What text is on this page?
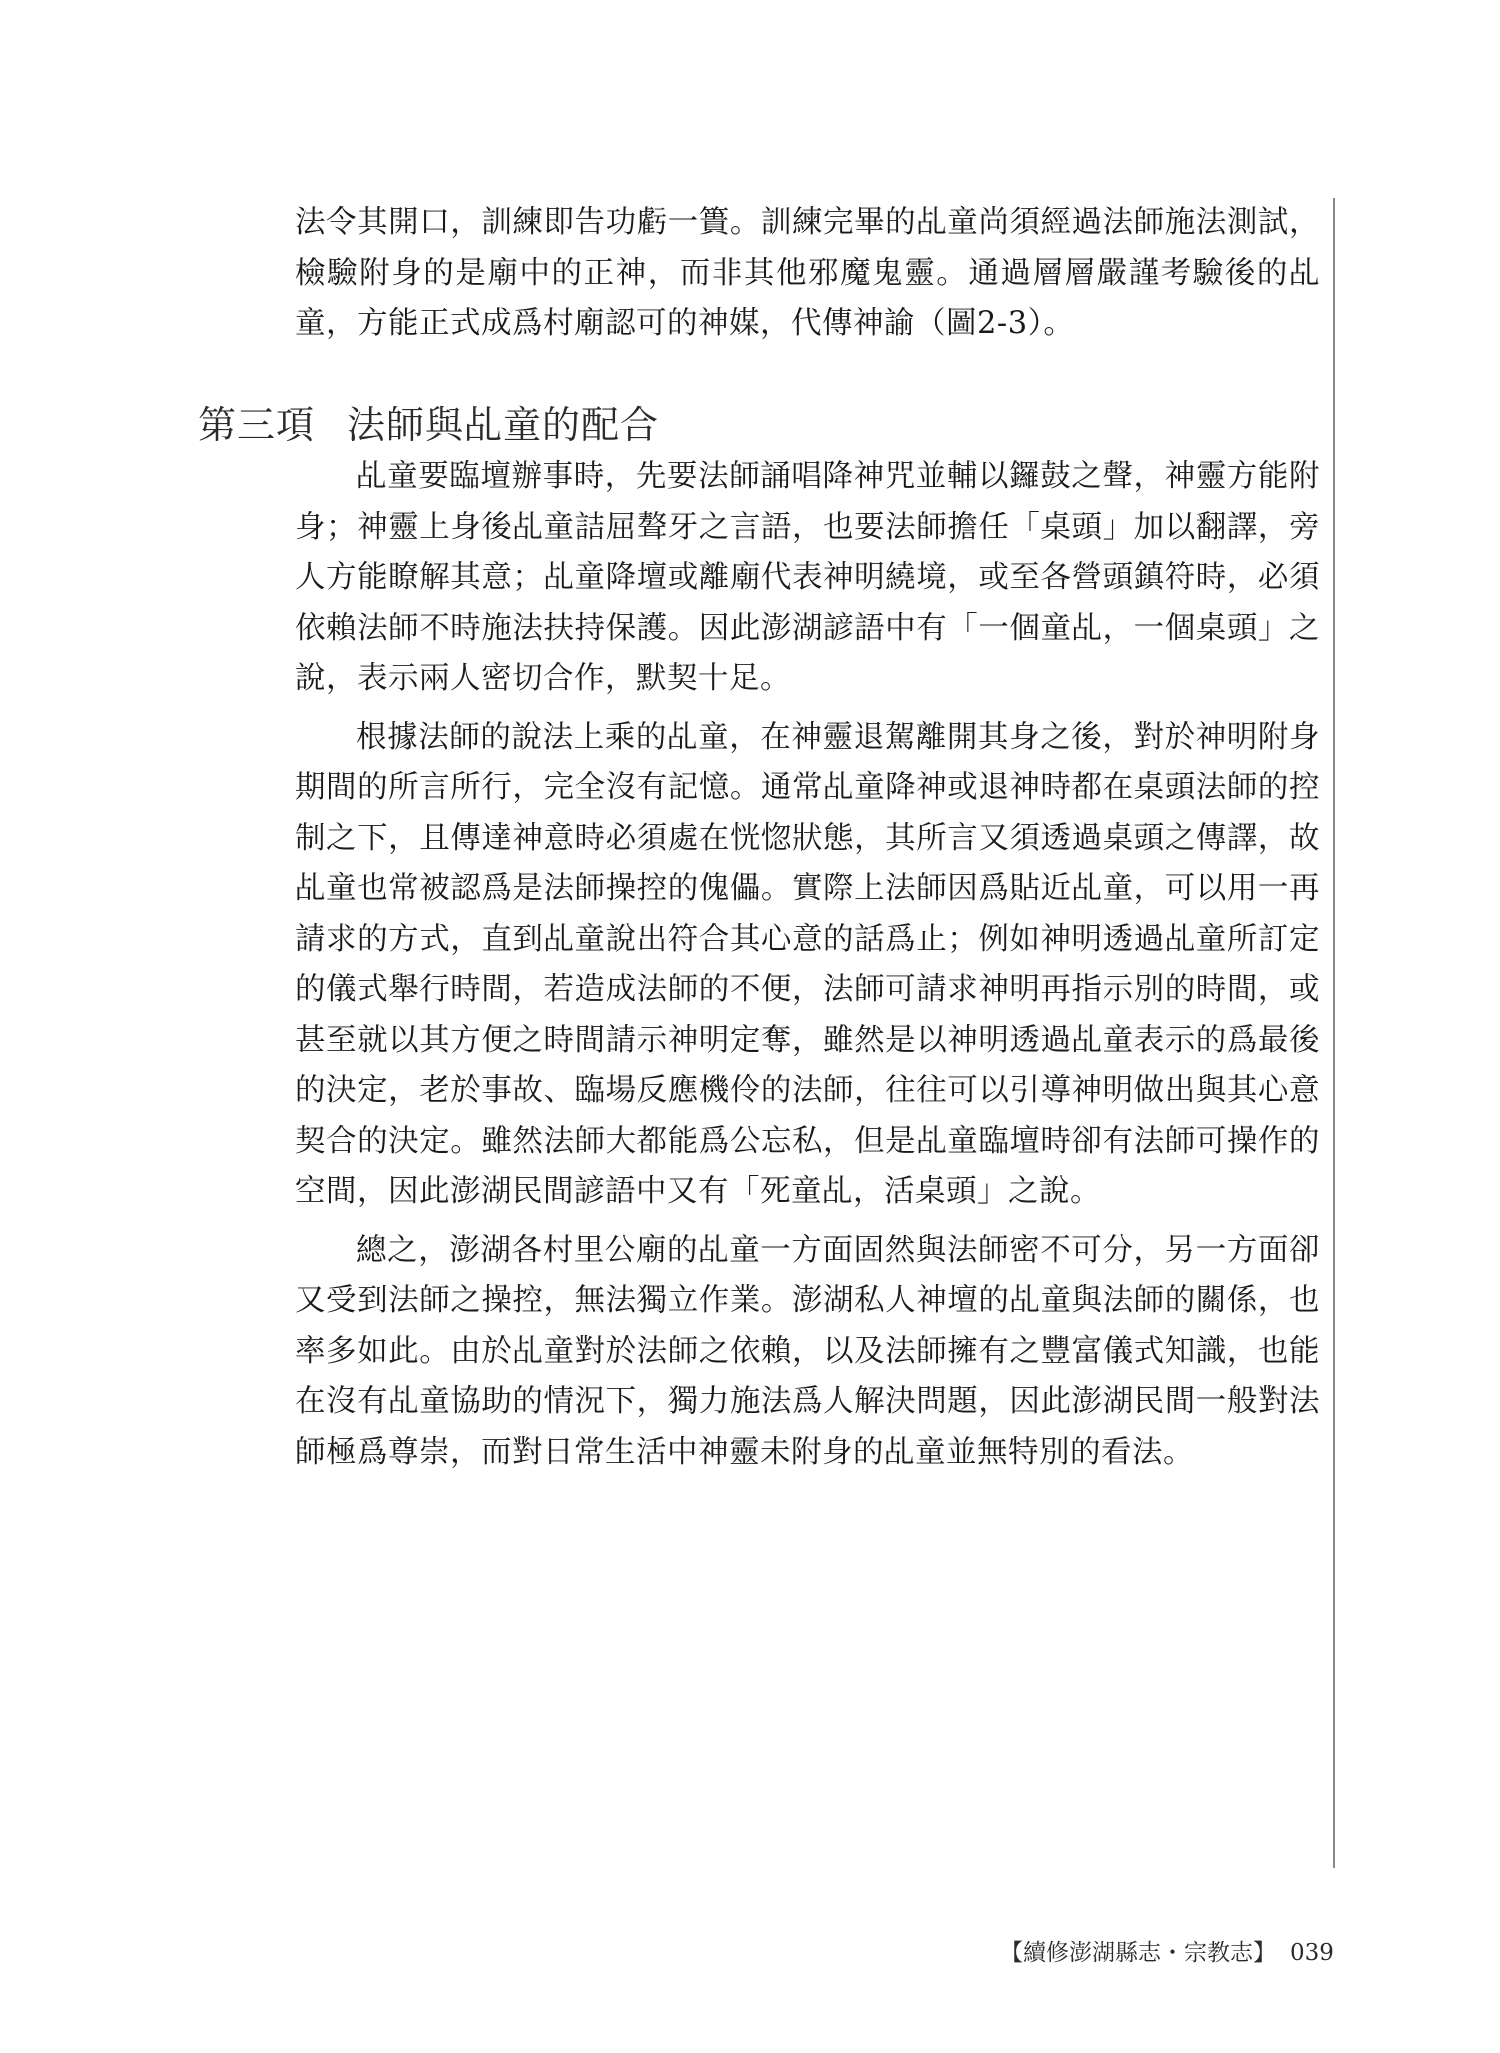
法令其開口，訓練即告功虧一簣。訓練完畢的乩童尚須經過法師施法測試，檢驗附身的是廟中的正神，而非其他邪魔鬼靈。通過層層嚴謹考驗後的乩童，方能正式成爲村廟認可的神媒，代傳神諭（圖2-3）。

第三項 法師與乩童的配合

乩童要臨壇辦事時，先要法師誦唱降神咒並輔以鑼鼓之聲，神靈方能附身；神靈上身後乩童詰屈聱牙之言語，也要法師擔任「桌頭」加以翻譯，旁人方能瞭解其意；乩童降壇或離廟代表神明繞境，或至各營頭鎮符時，必須依賴法師不時施法扶持保護。因此澎湖諺語中有「一個童乩，一個桌頭」之說，表示兩人密切合作，默契十足。

根據法師的說法上乘的乩童，在神靈退駕離開其身之後，對於神明附身期間的所言所行，完全沒有記憶。通常乩童降神或退神時都在桌頭法師的控制之下，且傳達神意時必須處在恍惚狀態，其所言又須透過桌頭之傳譯，故乩童也常被認爲是法師操控的傀儡。實際上法師因爲貼近乩童，可以用一再請求的方式，直到乩童說出符合其心意的話爲止；例如神明透過乩童所訂定的儀式舉行時間，若造成法師的不便，法師可請求神明再指示別的時間，或甚至就以其方便之時間請示神明定奪，雖然是以神明透過乩童表示的爲最後的決定，老於事故、臨場反應機伶的法師，往往可以引導神明做出與其心意契合的決定。雖然法師大都能爲公忘私，但是乩童臨壇時卻有法師可操作的空間，因此澎湖民間諺語中又有「死童乩，活桌頭」之說。

總之，澎湖各村里公廟的乩童一方面固然與法師密不可分，另一方面卻又受到法師之操控，無法獨立作業。澎湖私人神壇的乩童與法師的關係，也率多如此。由於乩童對於法師之依賴，以及法師擁有之豐富儀式知識，也能在沒有乩童協助的情況下，獨力施法爲人解決問題，因此澎湖民間一般對法師極爲尊崇，而對日常生活中神靈未附身的乩童並無特別的看法。

【續修澎湖縣志・宗教志】 039
